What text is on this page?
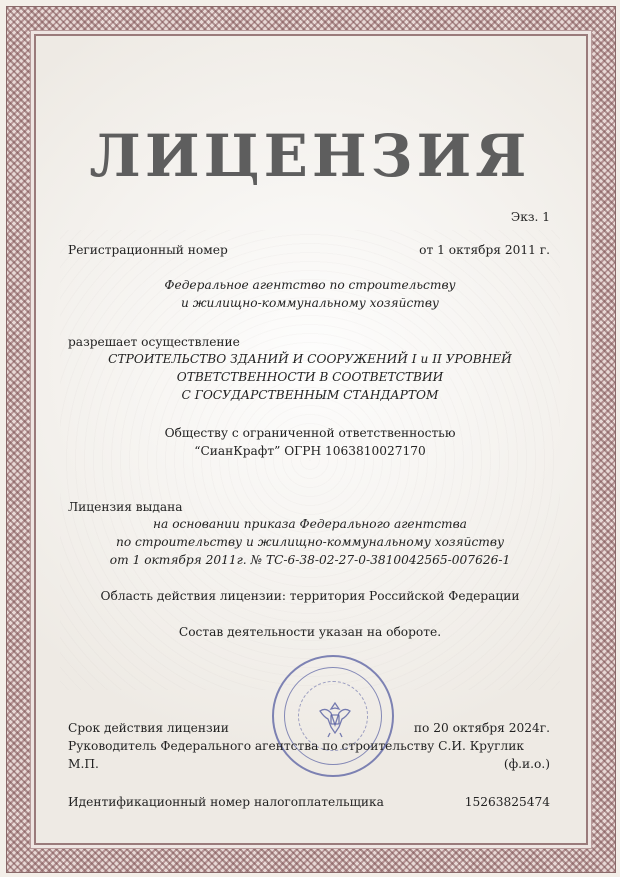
ЛИЦЕНЗИЯ
Экз. 1
Регистрационный номер	от 1 октября 2011 г.
Федеральное агентство по строительству
и жилищно-коммунальному хозяйству
разрешает осуществление
СТРОИТЕЛЬСТВО ЗДАНИЙ И СООРУЖЕНИЙ I и II УРОВНЕЙ
ОТВЕТСТВЕННОСТИ В СООТВЕТСТВИИ
С ГОСУДАРСТВЕННЫМ СТАНДАРТОМ
Обществу с ограниченной ответственностью
“СианКрафт” ОГРН 1063810027170
Лицензия выдана
на основании приказа Федерального агентства
по строительству и жилищно-коммунальному хозяйству
от 1 октября 2011г. № ТС-6-38-02-27-0-3810042565-007626-1
Область действия лицензии: территория Российской Федерации
Состав деятельности указан на обороте.
Срок действия лицензии	по 20 октября 2024г.
Руководитель Федерального агентства по строительству С.И. Круглик
М.П.	(ф.и.о.)
Идентификационный номер налогоплательщика	15263825474
